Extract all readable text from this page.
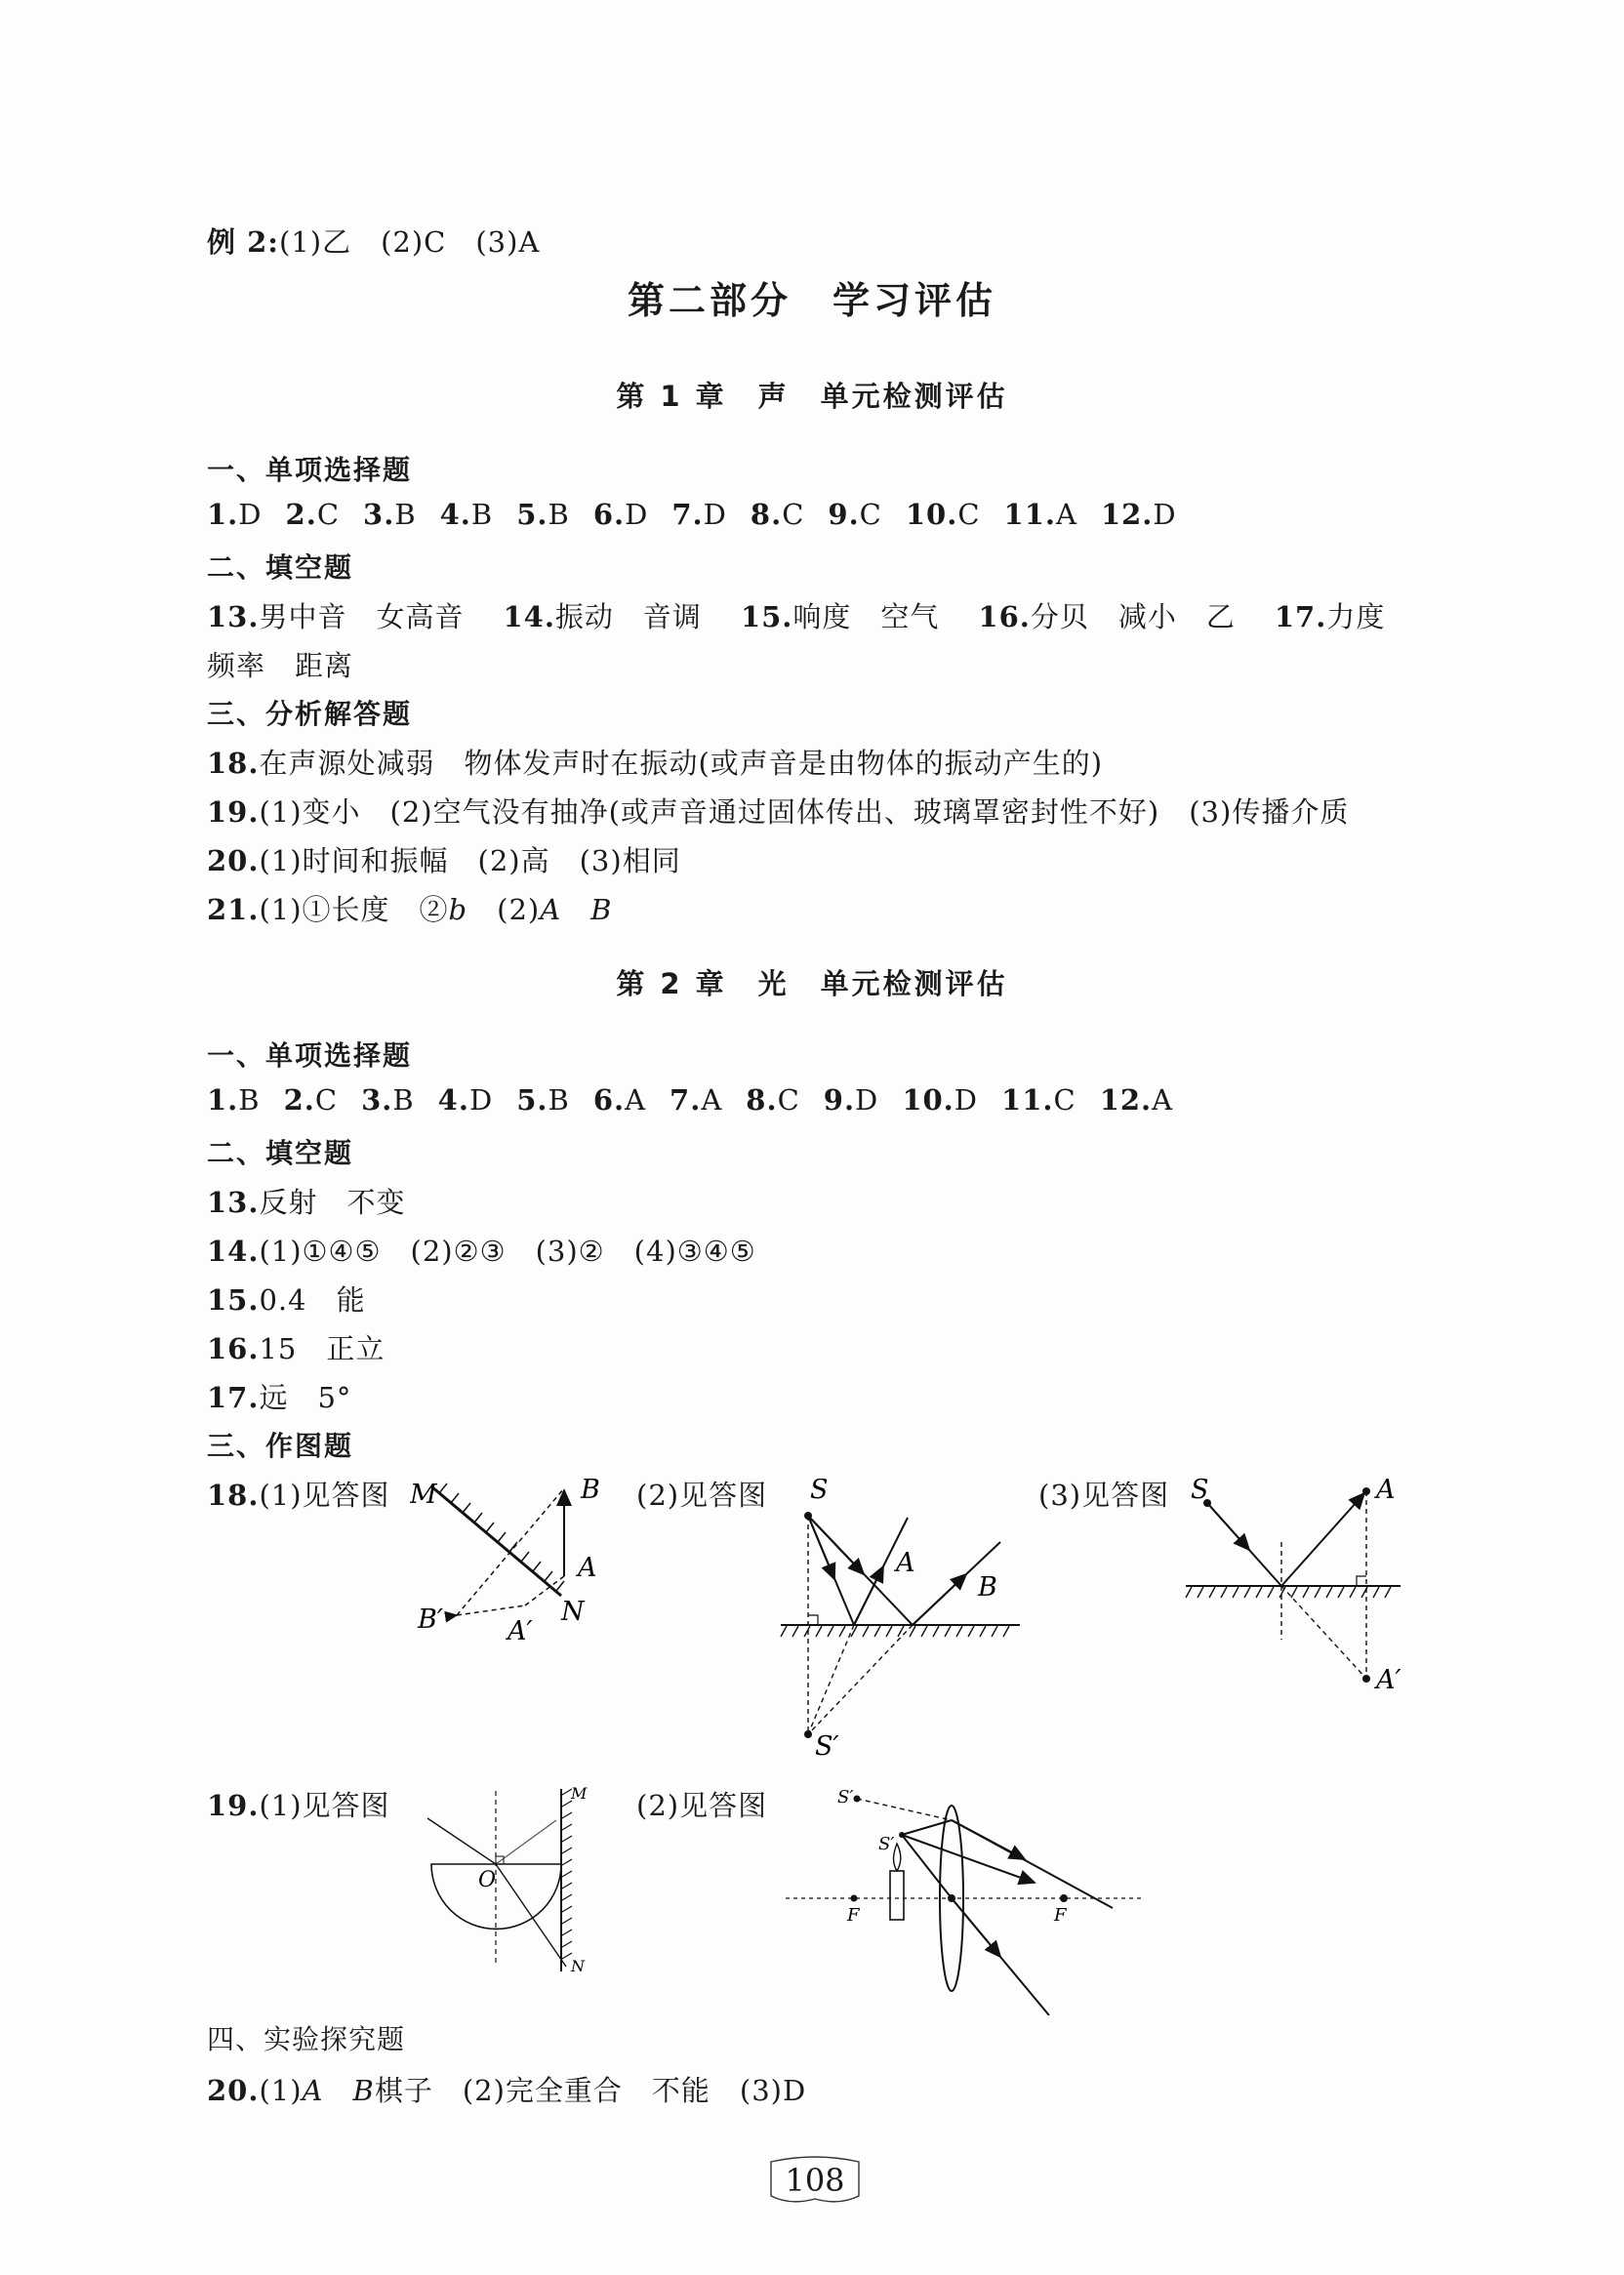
例 2:(1)乙　(2)C　(3)A
第二部分　学习评估
第 1 章　声　单元检测评估
一、单项选择题
1.D 2.C 3.B 4.B 5.B 6.D 7.D 8.C 9.C 10.C 11.A 12.D
二、填空题
13.男中音　女高音 14.振动　音调 15.响度　空气 16.分贝　减小　乙 17.力度
频率　距离
三、分析解答题
18.在声源处减弱　物体发声时在振动(或声音是由物体的振动产生的)
19.(1)变小　(2)空气没有抽净(或声音通过固体传出、玻璃罩密封性不好)　(3)传播介质
20.(1)时间和振幅　(2)高　(3)相同
21.(1)①长度　②b　(2)A　B
第 2 章　光　单元检测评估
一、单项选择题
1.B 2.C 3.B 4.D 5.B 6.A 7.A 8.C 9.D 10.D 11.C 12.A
二、填空题
13.反射　不变
14.(1)①④⑤　(2)②③　(3)②　(4)③④⑤
15.0.4　能
16.15　正立
17.远　5°
三、作图题
18.(1)见答图	(2)见答图	(3)见答图
M	B
A
B′ A′
N
S
A
B
S′
S	A
A′
19.(1)见答图	(2)见答图
M
O
N
S′
S′
F	F
四、实验探究题
20.(1)A　B棋子　(2)完全重合　不能　(3)D
108
